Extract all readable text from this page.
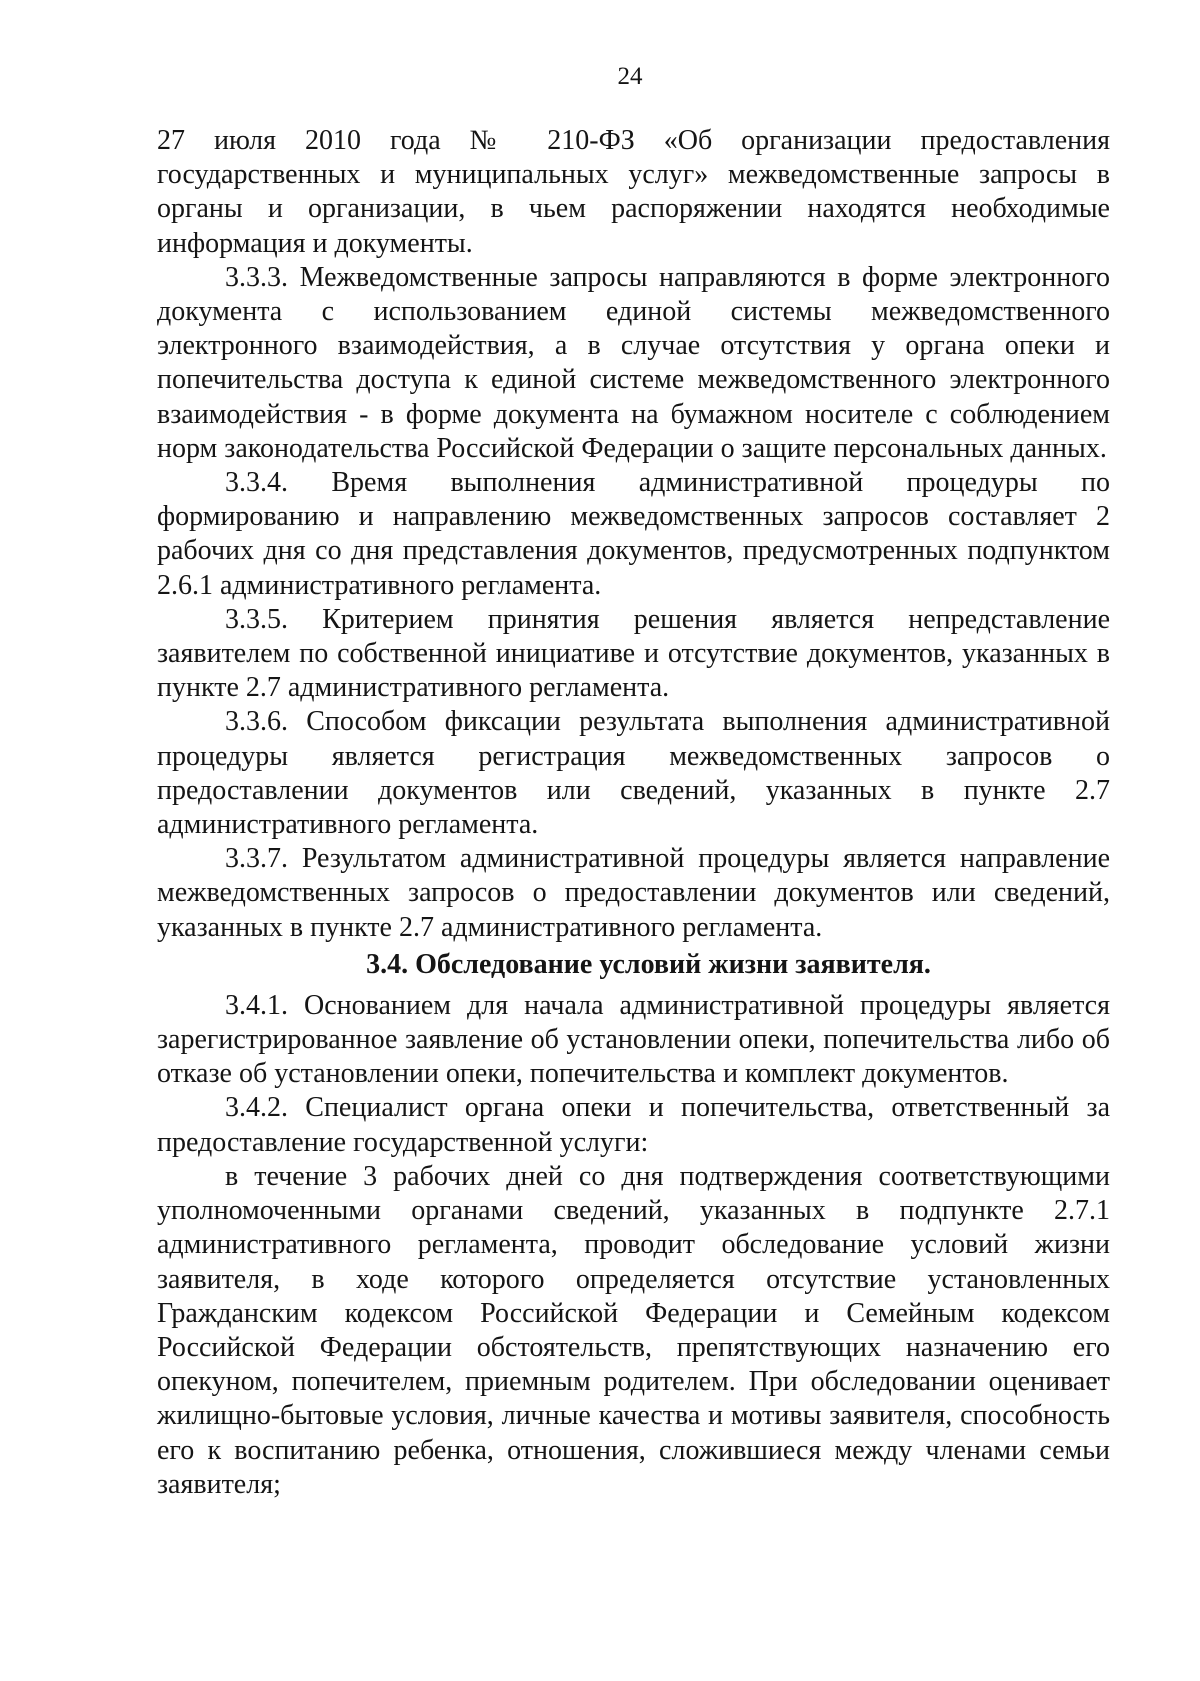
24

27 июля 2010 года № 210-ФЗ «Об организации предоставления государственных и муниципальных услуг» межведомственные запросы в органы и организации, в чьем распоряжении находятся необходимые информация и документы.

3.3.3. Межведомственные запросы направляются в форме электронного документа с использованием единой системы межведомственного электронного взаимодействия, а в случае отсутствия у органа опеки и попечительства доступа к единой системе межведомственного электронного взаимодействия - в форме документа на бумажном носителе с соблюдением норм законодательства Российской Федерации о защите персональных данных.

3.3.4. Время выполнения административной процедуры по формированию и направлению межведомственных запросов составляет 2 рабочих дня со дня представления документов, предусмотренных подпунктом 2.6.1 административного регламента.

3.3.5. Критерием принятия решения является непредставление заявителем по собственной инициативе и отсутствие документов, указанных в пункте 2.7 административного регламента.

3.3.6. Способом фиксации результата выполнения административной процедуры является регистрация межведомственных запросов о предоставлении документов или сведений, указанных в пункте 2.7 административного регламента.

3.3.7. Результатом административной процедуры является направление межведомственных запросов о предоставлении документов или сведений, указанных в пункте 2.7 административного регламента.

3.4. Обследование условий жизни заявителя.

3.4.1. Основанием для начала административной процедуры является зарегистрированное заявление об установлении опеки, попечительства либо об отказе об установлении опеки, попечительства и комплект документов.

3.4.2. Специалист органа опеки и попечительства, ответственный за предоставление государственной услуги:

в течение 3 рабочих дней со дня подтверждения соответствующими уполномоченными органами сведений, указанных в подпункте 2.7.1 административного регламента, проводит обследование условий жизни заявителя, в ходе которого определяется отсутствие установленных Гражданским кодексом Российской Федерации и Семейным кодексом Российской Федерации обстоятельств, препятствующих назначению его опекуном, попечителем, приемным родителем. При обследовании оценивает жилищно-бытовые условия, личные качества и мотивы заявителя, способность его к воспитанию ребенка, отношения, сложившиеся между членами семьи заявителя;
